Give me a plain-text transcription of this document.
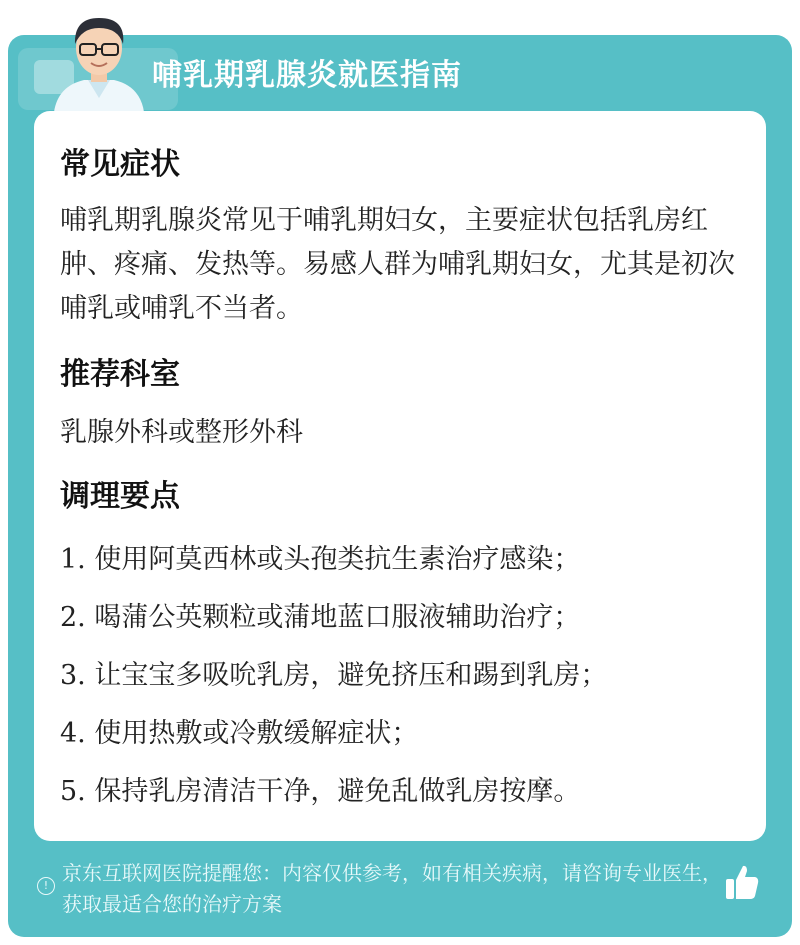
哺乳期乳腺炎就医指南
常见症状
哺乳期乳腺炎常见于哺乳期妇女，主要症状包括乳房红肿、疼痛、发热等。易感人群为哺乳期妇女，尤其是初次哺乳或哺乳不当者。
推荐科室
乳腺外科或整形外科
调理要点
1. 使用阿莫西林或头孢类抗生素治疗感染；
2. 喝蒲公英颗粒或蒲地蓝口服液辅助治疗；
3. 让宝宝多吸吮乳房，避免挤压和踢到乳房；
4. 使用热敷或冷敷缓解症状；
5. 保持乳房清洁干净，避免乱做乳房按摩。
!
京东互联网医院提醒您：内容仅供参考，如有相关疾病，请咨询专业医生，获取最适合您的治疗方案
